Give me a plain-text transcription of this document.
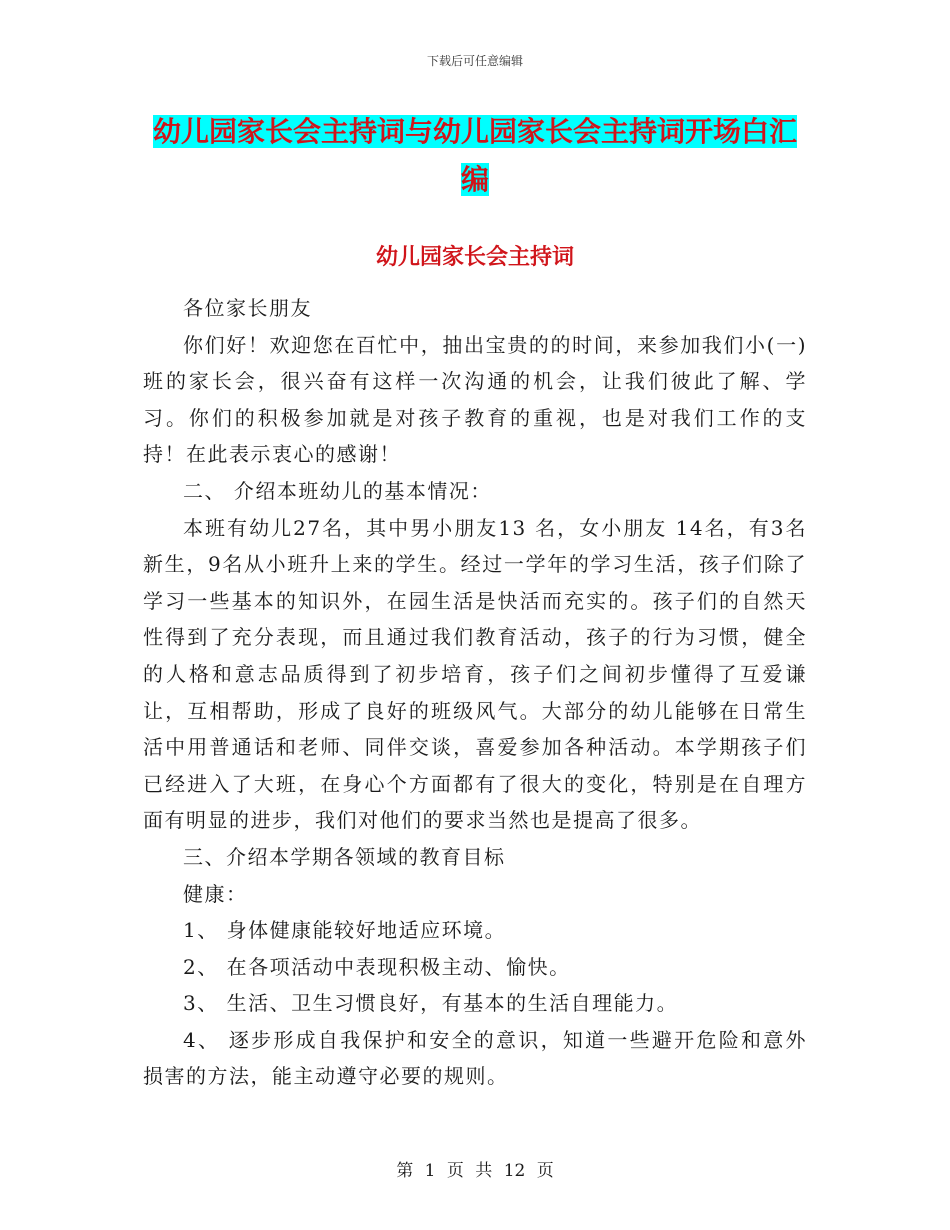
下载后可任意编辑
幼儿园家长会主持词与幼儿园家长会主持词开场白汇编
幼儿园家长会主持词

各位家长朋友

你们好！欢迎您在百忙中，抽出宝贵的的时间，来参加我们小(一)班的家长会，很兴奋有这样一次沟通的机会，让我们彼此了解、学习。你们的积极参加就是对孩子教育的重视，也是对我们工作的支持！在此表示衷心的感谢！

二、 介绍本班幼儿的基本情况：

本班有幼儿27名，其中男小朋友13 名，女小朋友 14名，有3名新生，9名从小班升上来的学生。经过一学年的学习生活，孩子们除了学习一些基本的知识外，在园生活是快活而充实的。孩子们的自然天性得到了充分表现，而且通过我们教育活动，孩子的行为习惯，健全的人格和意志品质得到了初步培育，孩子们之间初步懂得了互爱谦让，互相帮助，形成了良好的班级风气。大部分的幼儿能够在日常生活中用普通话和老师、同伴交谈，喜爱参加各种活动。本学期孩子们已经进入了大班，在身心个方面都有了很大的变化，特别是在自理方面有明显的进步，我们对他们的要求当然也是提高了很多。

三、介绍本学期各领域的教育目标

健康：

1、 身体健康能较好地适应环境。

2、 在各项活动中表现积极主动、愉快。

3、 生活、卫生习惯良好，有基本的生活自理能力。

4、 逐步形成自我保护和安全的意识，知道一些避开危险和意外损害的方法，能主动遵守必要的规则。

第 1 页 共 12 页
